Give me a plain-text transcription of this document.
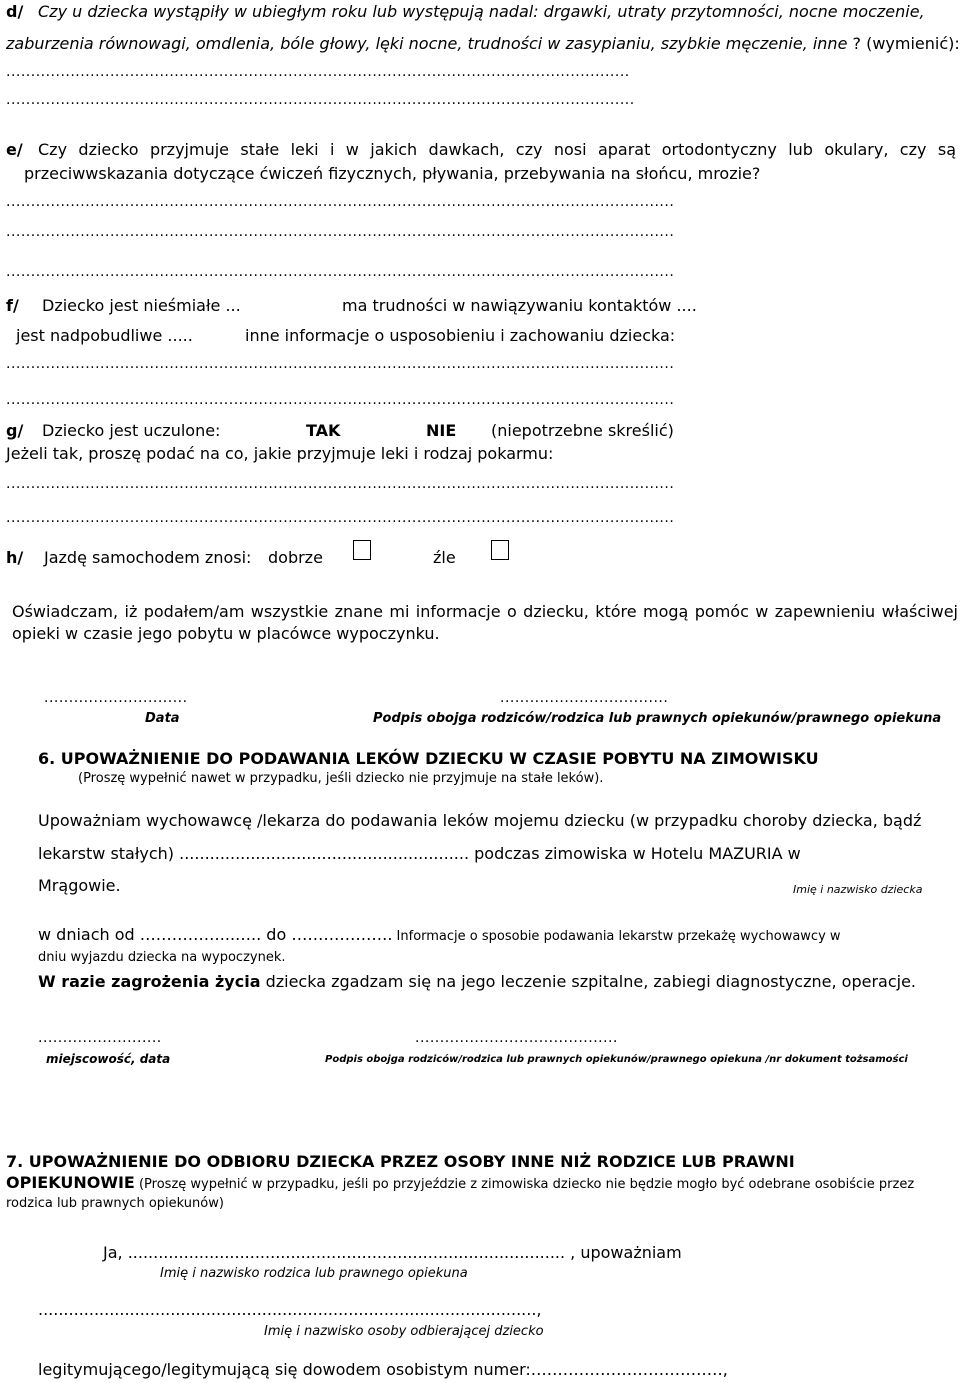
d/ Czy u dziecka wystąpiły w ubiegłym roku lub występują nadal: drgawki, utraty przytomności, nocne moczenie,
zaburzenia równowagi, omdlenia, bóle głowy, lęki nocne, trudności w zasypianiu, szybkie męczenie, inne ? (wymienić):
..............................................................................................................................
...............................................................................................................................
e/ Czy dziecko przyjmuje stałe leki i w jakich dawkach, czy nosi aparat ortodontyczny lub okulary, czy są
przeciwwskazania dotyczące ćwiczeń fizycznych, pływania, przebywania na słońcu, mrozie?
.......................................................................................................................................
.......................................................................................................................................
.......................................................................................................................................
f/ Dziecko jest nieśmiałe ...	ma trudności w nawiązywaniu kontaktów ....
jest nadpobudliwe .....	inne informacje o usposobieniu i zachowaniu dziecka:
.......................................................................................................................................
.......................................................................................................................................
g/ Dziecko jest uczulone:	TAK	NIE (niepotrzebne skreślić)
Jeżeli tak, proszę podać na co, jakie przyjmuje leki i rodzaj pokarmu:
.......................................................................................................................................
.......................................................................................................................................
h/ Jazdę samochodem znosi: dobrze	źle
Oświadczam, iż podałem/am wszystkie znane mi informacje o dziecku, które mogą pomóc w zapewnieniu właściwej
opieki w czasie jego pobytu w placówce wypoczynku.
.............................	..................................
Data	Podpis obojga rodziców/rodzica lub prawnych opiekunów/prawnego opiekuna
6. UPOWAŻNIENIE DO PODAWANIA LEKÓW DZIECKU W CZASIE POBYTU NA ZIMOWISKU
(Proszę wypełnić nawet w przypadku, jeśli dziecko nie przyjmuje na stałe leków).
Upoważniam wychowawcę /lekarza do podawania leków mojemu dziecku (w przypadku choroby dziecka, bądź
lekarstw stałych) ......................................................... podczas zimowiska w Hotelu MAZURIA w
Mrągowie.	Imię i nazwisko dziecka
w dniach od ……………...….. do ………………. Informacje o sposobie podawania lekarstw przekażę wychowawcy w
dniu wyjazdu dziecka na wypoczynek.
W razie zagrożenia życia dziecka zgadzam się na jego leczenie szpitalne, zabiegi diagnostyczne, operacje.
.........................	.........................................
miejscowość, data	Podpis obojga rodziców/rodzica lub prawnych opiekunów/prawnego opiekuna /nr dokument tożsamości
7. UPOWAŻNIENIE DO ODBIORU DZIECKA PRZEZ OSOBY INNE NIŻ RODZICE LUB PRAWNI
OPIEKUNOWIE (Proszę wypełnić w przypadku, jeśli po przyjeździe z zimowiska dziecko nie będzie mogło być odebrane osobiście przez
rodzica lub prawnych opiekunów)
Ja, ...................................................................................... , upoważniam
Imię i nazwisko rodzica lub prawnego opiekuna
..................................................................................................,
Imię i nazwisko osoby odbierającej dziecko
legitymującego/legitymującą się dowodem osobistym numer:………………………………,
